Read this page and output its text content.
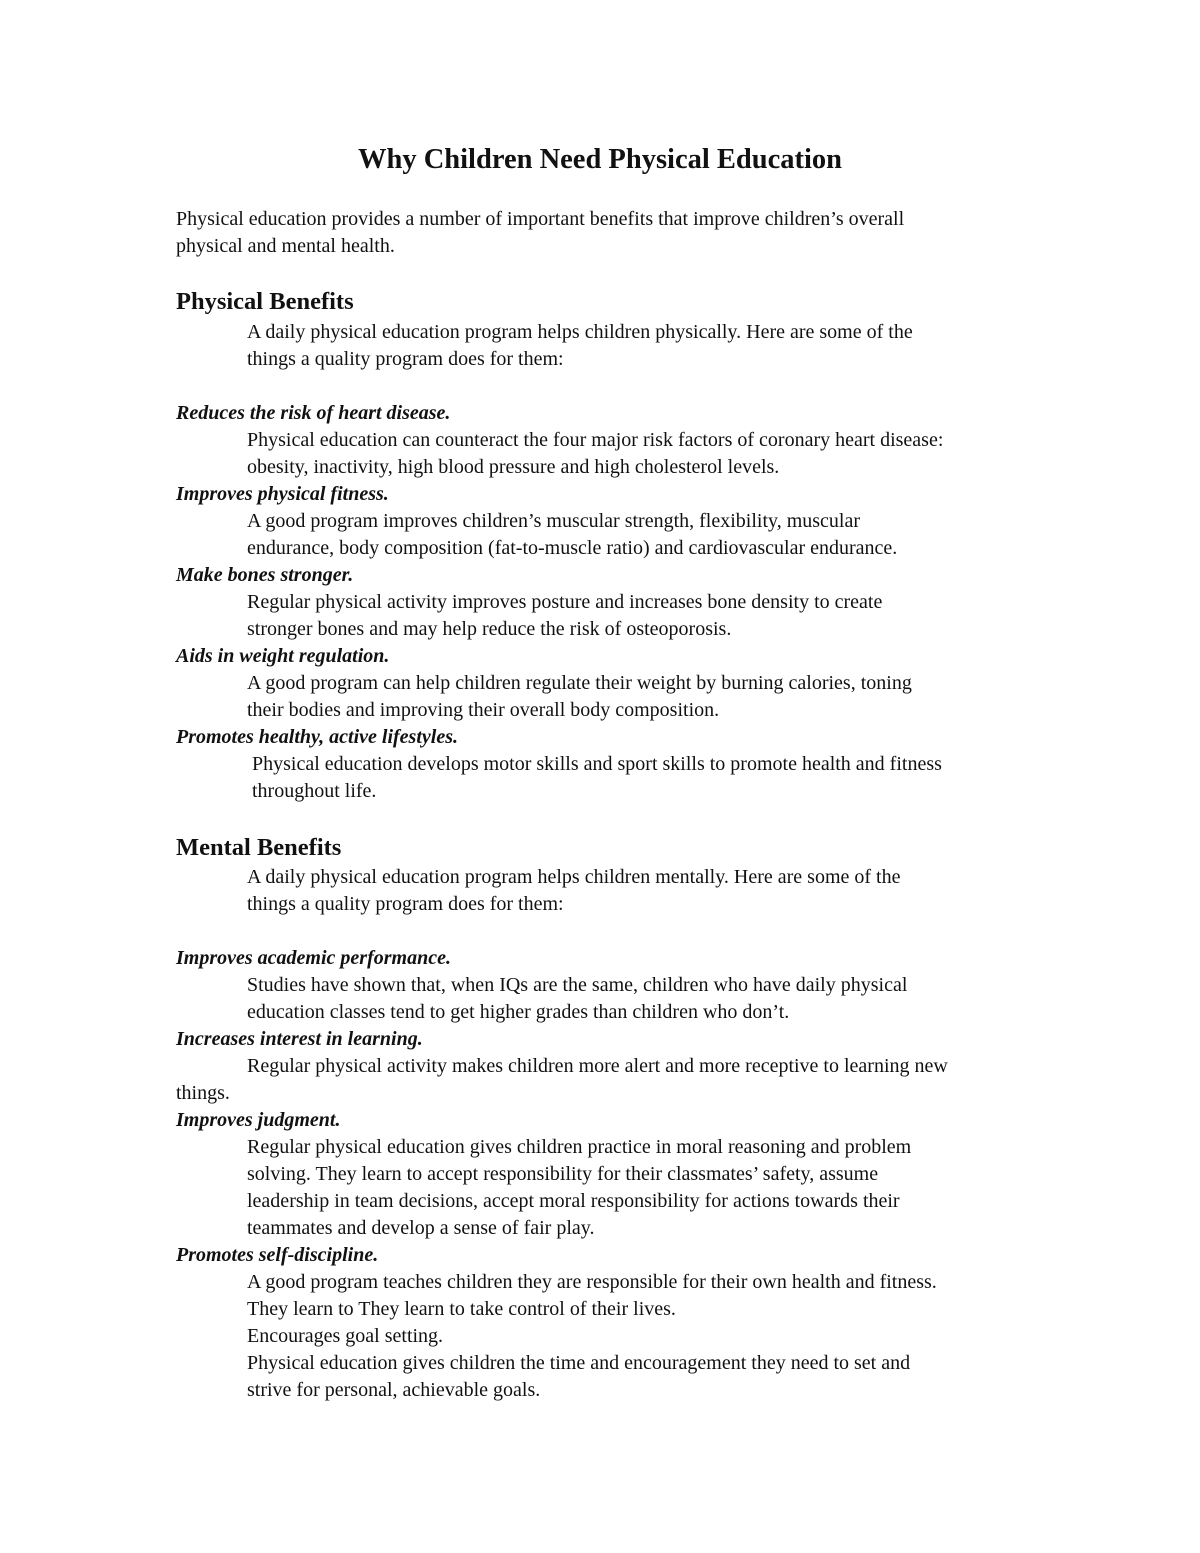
Why Children Need Physical Education

Physical education provides a number of important benefits that improve children’s overall
physical and mental health.

Physical Benefits

A daily physical education program helps children physically. Here are some of the
things a quality program does for them:

Reduces the risk of heart disease.

Physical education can counteract the four major risk factors of coronary heart disease:
obesity, inactivity, high blood pressure and high cholesterol levels.

Improves physical fitness.

A good program improves children’s muscular strength, flexibility, muscular
endurance, body composition (fat-to-muscle ratio) and cardiovascular endurance.

Make bones stronger.

Regular physical activity improves posture and increases bone density to create
stronger bones and may help reduce the risk of osteoporosis.

Aids in weight regulation.

A good program can help children regulate their weight by burning calories, toning
their bodies and improving their overall body composition.

Promotes healthy, active lifestyles.

Physical education develops motor skills and sport skills to promote health and fitness
throughout life.

Mental Benefits

A daily physical education program helps children mentally. Here are some of the
things a quality program does for them:

Improves academic performance.

Studies have shown that, when IQs are the same, children who have daily physical
education classes tend to get higher grades than children who don’t.

Increases interest in learning.

Regular physical activity makes children more alert and more receptive to learning new
things.

Improves judgment.

Regular physical education gives children practice in moral reasoning and problem
solving. They learn to accept responsibility for their classmates’ safety, assume
leadership in team decisions, accept moral responsibility for actions towards their
teammates and develop a sense of fair play.

Promotes self-discipline.

A good program teaches children they are responsible for their own health and fitness.
They learn to They learn to take control of their lives.
Encourages goal setting.
Physical education gives children the time and encouragement they need to set and
strive for personal, achievable goals.
